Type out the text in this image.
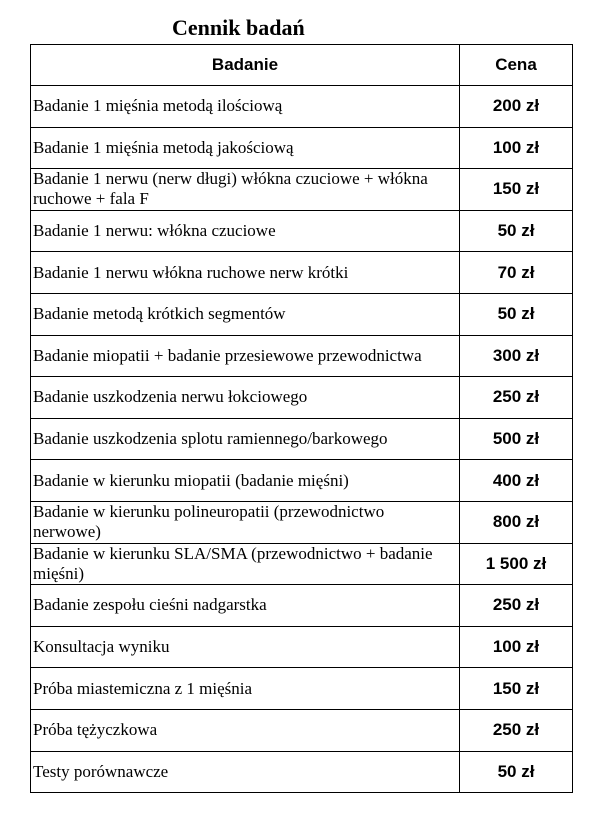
Cennik badań
Badanie	Cena
Badanie 1 mięśnia metodą ilościową	200 zł
Badanie 1 mięśnia metodą jakościową	100 zł
Badanie 1 nerwu (nerw długi) włókna czuciowe + włókna ruchowe + fala F	150 zł
Badanie 1 nerwu: włókna czuciowe	50 zł
Badanie 1 nerwu włókna ruchowe nerw krótki	70 zł
Badanie metodą krótkich segmentów	50 zł
Badanie miopatii + badanie przesiewowe przewodnictwa	300 zł
Badanie uszkodzenia nerwu łokciowego	250 zł
Badanie uszkodzenia splotu ramiennego/barkowego	500 zł
Badanie w kierunku miopatii (badanie mięśni)	400 zł
Badanie w kierunku polineuropatii (przewodnictwo nerwowe)	800 zł
Badanie w kierunku SLA/SMA (przewodnictwo + badanie mięśni)	1 500 zł
Badanie zespołu cieśni nadgarstka	250 zł
Konsultacja wyniku	100 zł
Próba miastemiczna z 1 mięśnia	150 zł
Próba tężyczkowa	250 zł
Testy porównawcze	50 zł
